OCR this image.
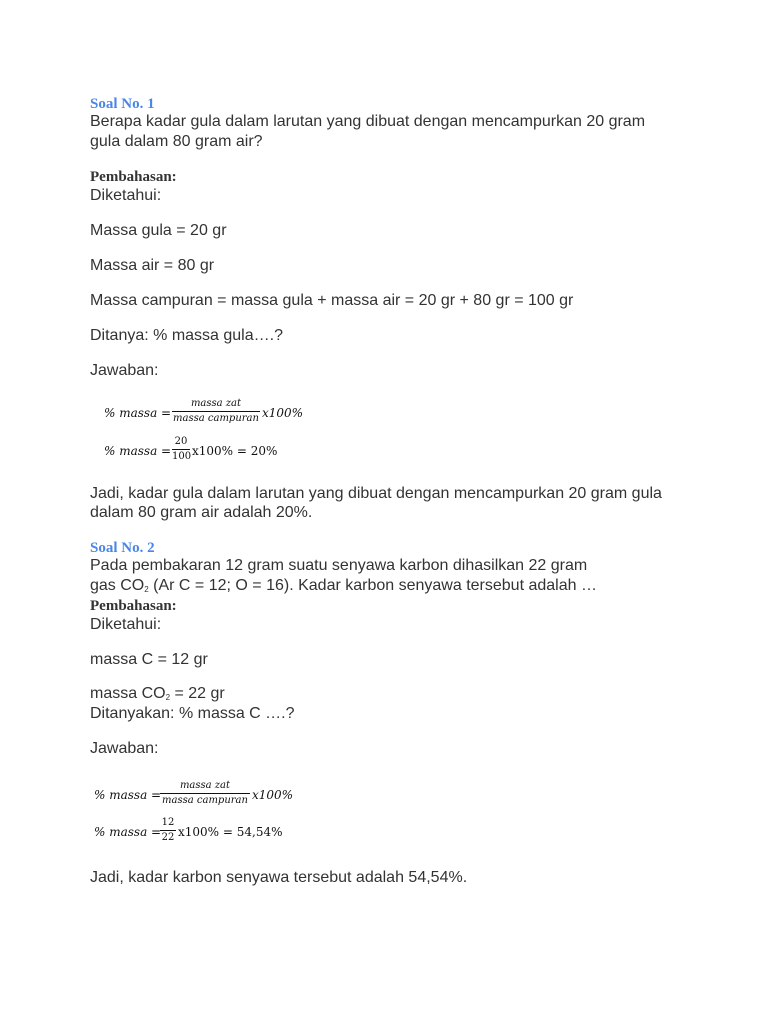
Soal No. 1
Berapa kadar gula dalam larutan yang dibuat dengan mencampurkan 20 gram
gula dalam 80 gram air?
Pembahasan:
Diketahui:
Massa gula = 20 gr
Massa air = 80 gr
Massa campuran = massa gula + massa air = 20 gr + 80 gr = 100 gr
Ditanya: % massa gula….?
Jawaban:
% massa =
massa zat
massa campuran x100%
% massa =
20
100 x100% = 20%
Jadi, kadar gula dalam larutan yang dibuat dengan mencampurkan 20 gram gula
dalam 80 gram air adalah 20%.
Soal No. 2
Pada pembakaran 12 gram suatu senyawa karbon dihasilkan 22 gram
gas $CO_2$ (Ar C = 12; O = 16). Kadar karbon senyawa tersebut adalah …
Pembahasan:
Diketahui:
massa C = 12 gr
massa $CO_2 = 22$ gr
Ditanyakan: % massa C ….?
Jawaban:
% massa =
massa zat
massa campuran x100%
% massa =
12
22 x100% = 54,54%
Jadi, kadar karbon senyawa tersebut adalah 54,54%.
